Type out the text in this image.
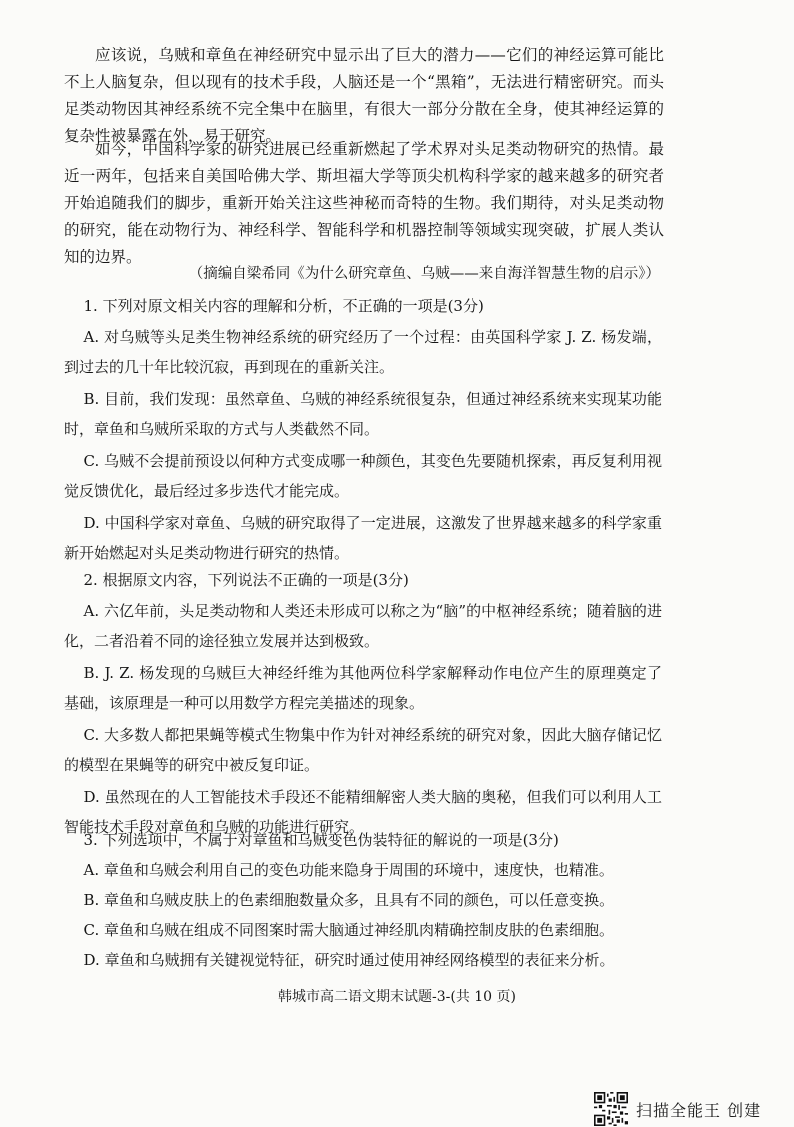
应该说，乌贼和章鱼在神经研究中显示出了巨大的潜力——它们的神经运算可能比不上人脑复杂，但以现有的技术手段，人脑还是一个“黑箱”，无法进行精密研究。而头足类动物因其神经系统不完全集中在脑里，有很大一部分分散在全身，使其神经运算的复杂性被暴露在外，易于研究。

如今，中国科学家的研究进展已经重新燃起了学术界对头足类动物研究的热情。最近一两年，包括来自美国哈佛大学、斯坦福大学等顶尖机构科学家的越来越多的研究者开始追随我们的脚步，重新开始关注这些神秘而奇特的生物。我们期待，对头足类动物的研究，能在动物行为、神经科学、智能科学和机器控制等领域实现突破，扩展人类认知的边界。

（摘编自梁希同《为什么研究章鱼、乌贼——来自海洋智慧生物的启示》）

1. 下列对原文相关内容的理解和分析，不正确的一项是(3分)

A. 对乌贼等头足类生物神经系统的研究经历了一个过程：由英国科学家 J. Z. 杨发端，到过去的几十年比较沉寂，再到现在的重新关注。

B. 目前，我们发现：虽然章鱼、乌贼的神经系统很复杂，但通过神经系统来实现某功能时，章鱼和乌贼所采取的方式与人类截然不同。

C. 乌贼不会提前预设以何种方式变成哪一种颜色，其变色先要随机探索，再反复利用视觉反馈优化，最后经过多步迭代才能完成。

D. 中国科学家对章鱼、乌贼的研究取得了一定进展，这激发了世界越来越多的科学家重新开始燃起对头足类动物进行研究的热情。

2. 根据原文内容，下列说法不正确的一项是(3分)

A. 六亿年前，头足类动物和人类还未形成可以称之为“脑”的中枢神经系统；随着脑的进化，二者沿着不同的途径独立发展并达到极致。

B. J. Z. 杨发现的乌贼巨大神经纤维为其他两位科学家解释动作电位产生的原理奠定了基础，该原理是一种可以用数学方程完美描述的现象。

C. 大多数人都把果蝇等模式生物集中作为针对神经系统的研究对象，因此大脑存储记忆的模型在果蝇等的研究中被反复印证。

D. 虽然现在的人工智能技术手段还不能精细解密人类大脑的奥秘，但我们可以利用人工智能技术手段对章鱼和乌贼的功能进行研究。

3. 下列选项中，不属于对章鱼和乌贼变色伪装特征的解说的一项是(3分)

A. 章鱼和乌贼会利用自己的变色功能来隐身于周围的环境中，速度快，也精准。

B. 章鱼和乌贼皮肤上的色素细胞数量众多，且具有不同的颜色，可以任意变换。

C. 章鱼和乌贼在组成不同图案时需大脑通过神经肌肉精确控制皮肤的色素细胞。

D. 章鱼和乌贼拥有关键视觉特征，研究时通过使用神经网络模型的表征来分析。

韩城市高二语文期末试题-3-(共 10 页)

扫描全能王 创建
